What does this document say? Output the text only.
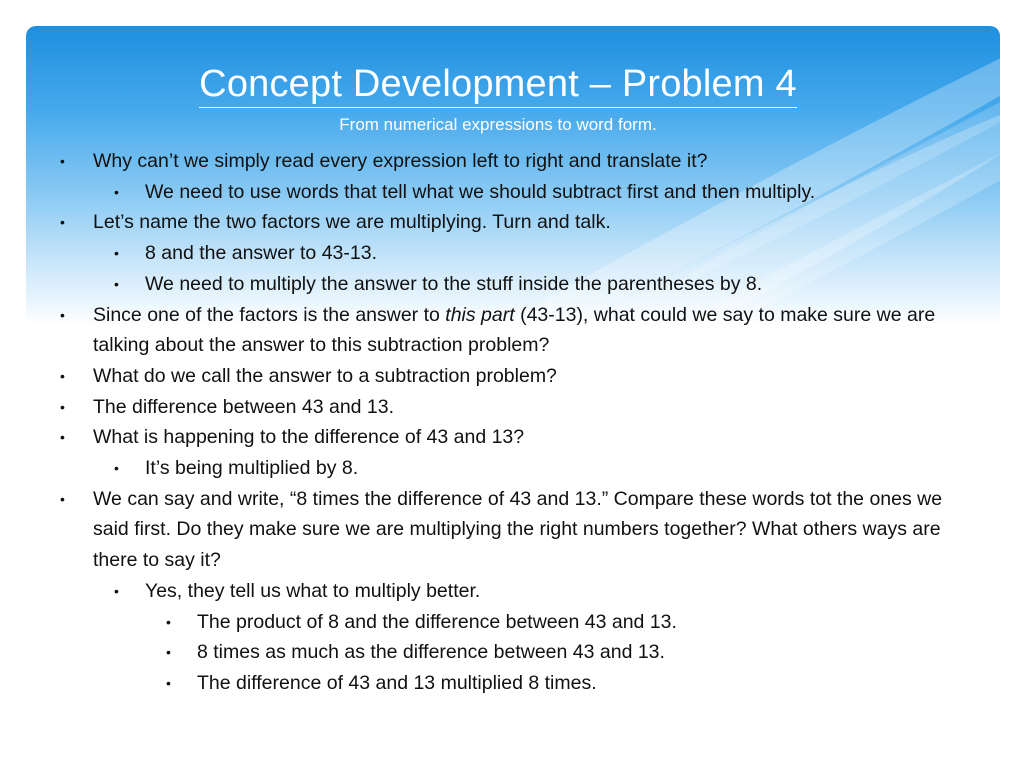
Concept Development – Problem 4
From numerical expressions to word form.
• Why can’t we simply read every expression left to right and translate it?
• We need to use words that tell what we should subtract first and then multiply.
• Let’s name the two factors we are multiplying. Turn and talk.
• 8 and the answer to 43-13.
• We need to multiply the answer to the stuff inside the parentheses by 8.
• Since one of the factors is the answer to this part (43-13), what could we say to make sure we are talking about the answer to this subtraction problem?
• What do we call the answer to a subtraction problem?
• The difference between 43 and 13.
• What is happening to the difference of 43 and 13?
• It’s being multiplied by 8.
• We can say and write, “8 times the difference of 43 and 13.” Compare these words tot the ones we said first. Do they make sure we are multiplying the right numbers together? What others ways are there to say it?
• Yes, they tell us what to multiply better.
• The product of 8 and the difference between 43 and 13.
• 8 times as much as the difference between 43 and 13.
• The difference of 43 and 13 multiplied 8 times.
